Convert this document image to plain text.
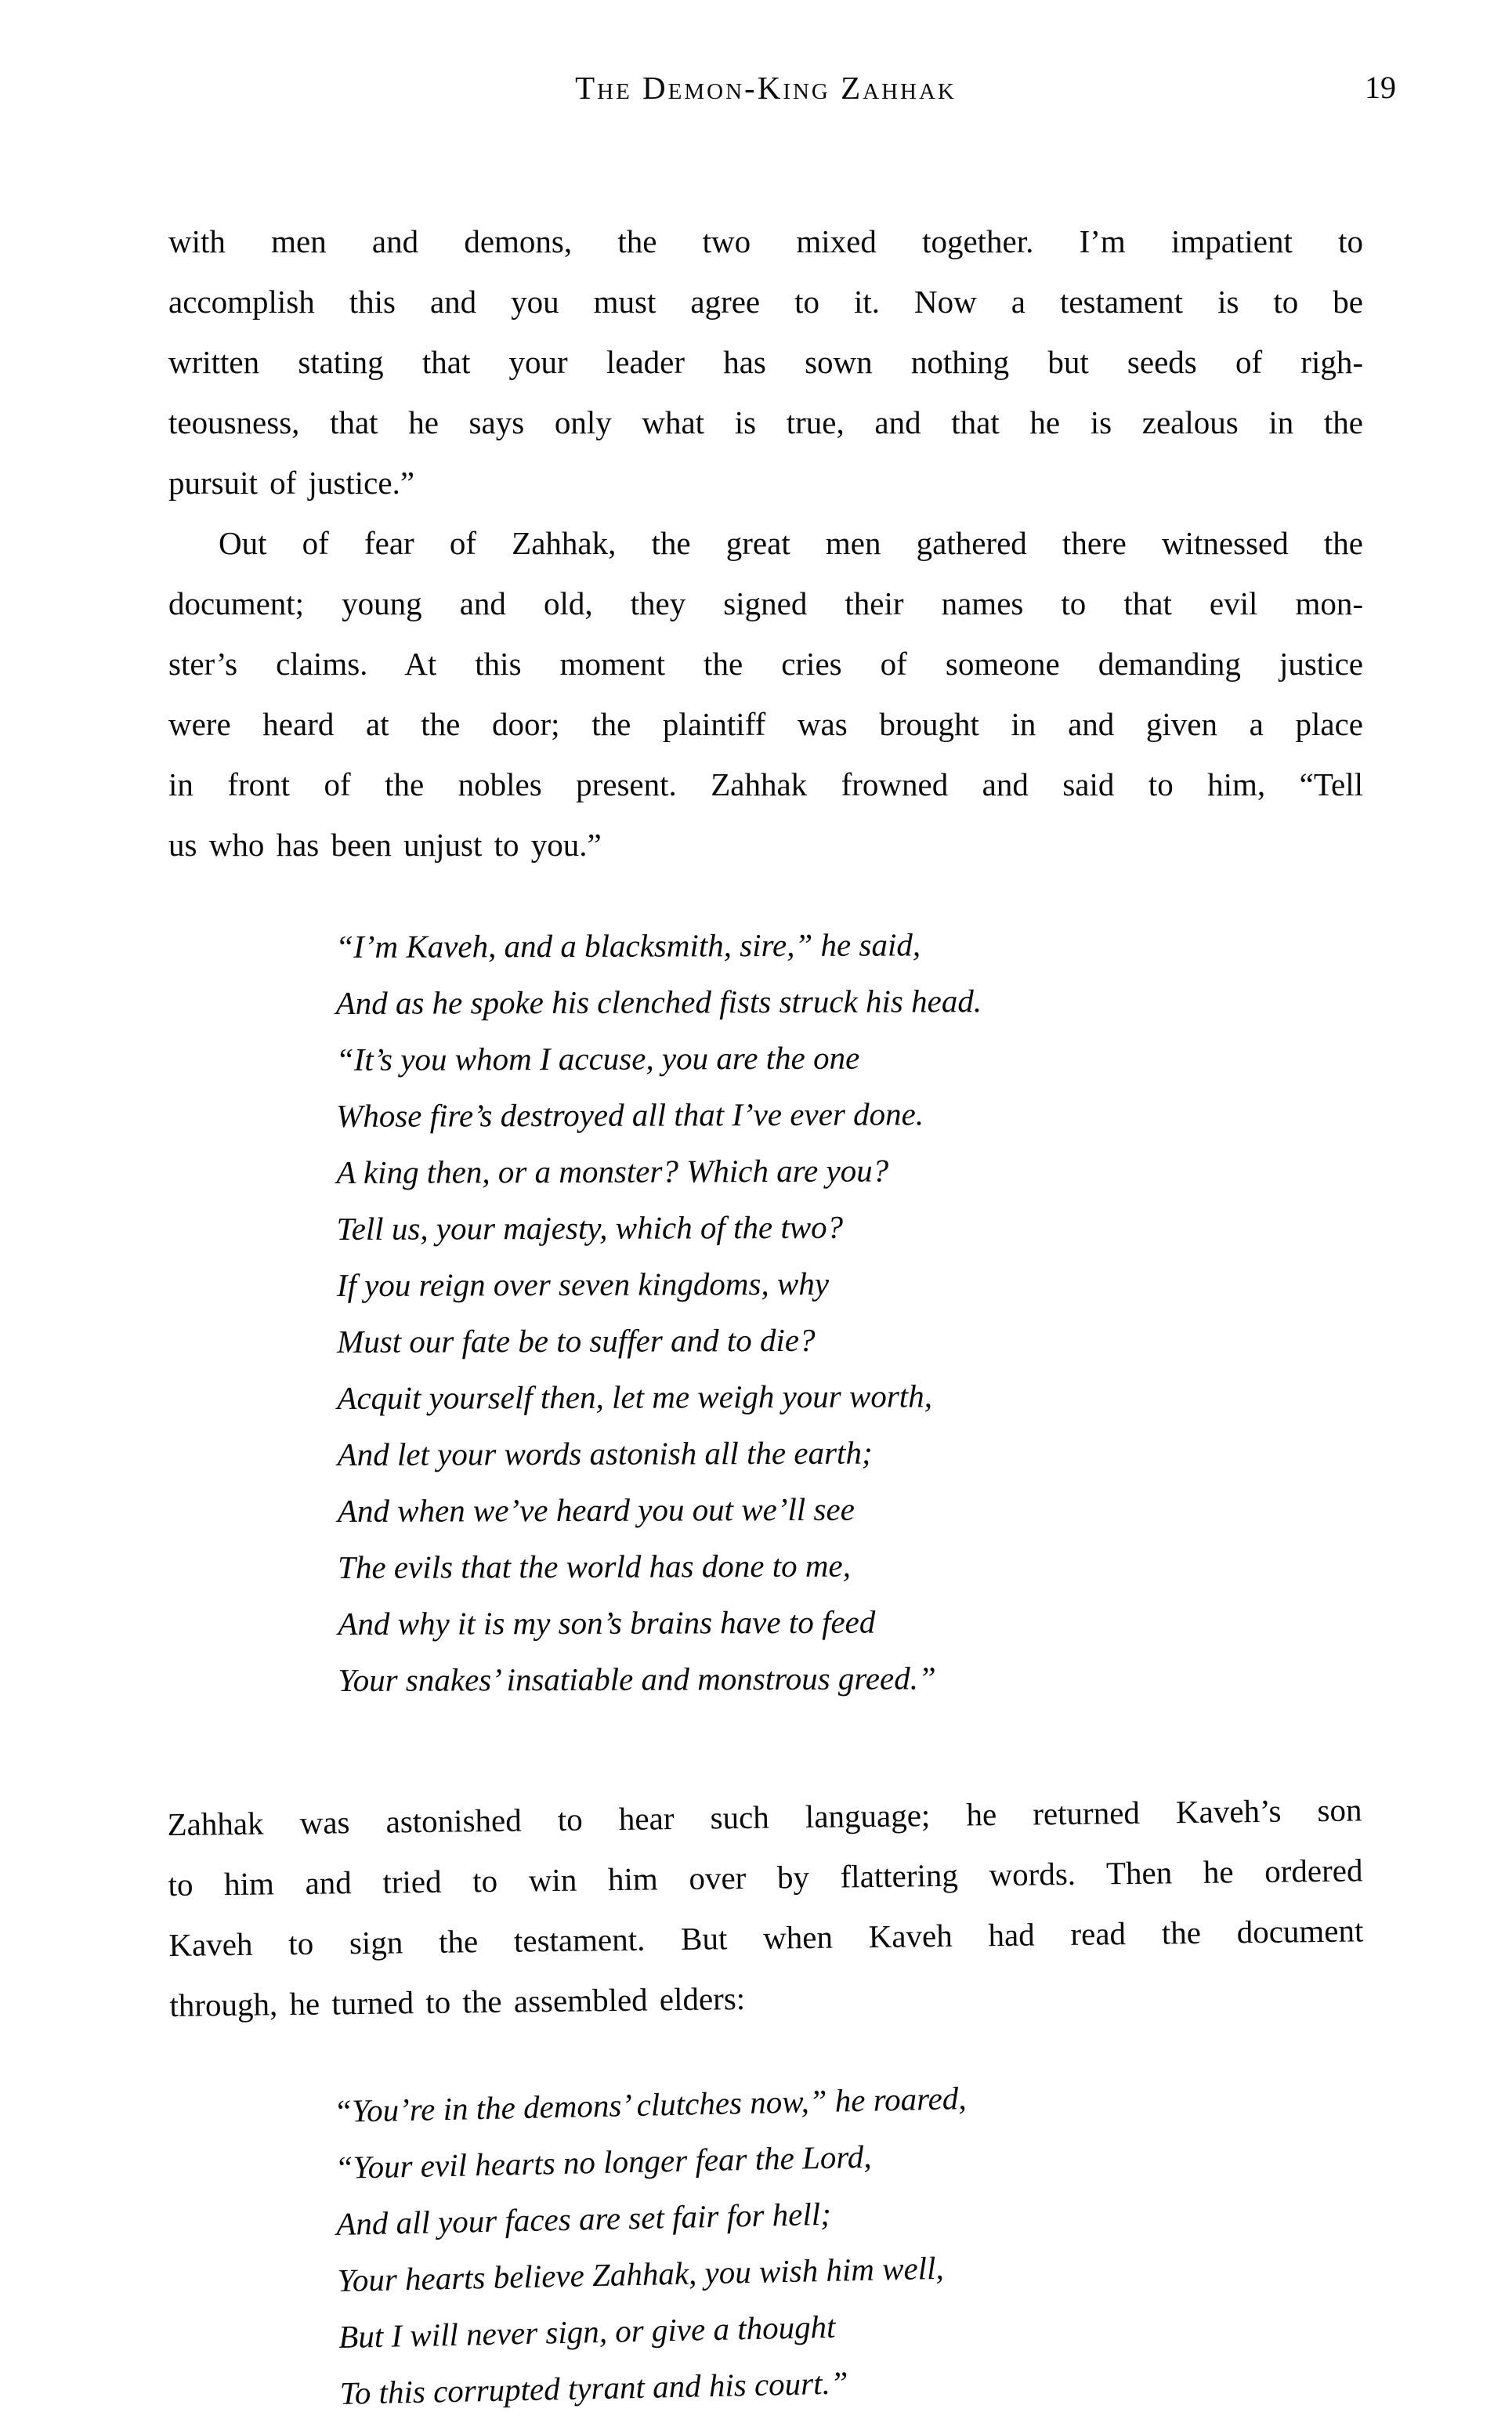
The Demon-King Zahhak	19
with men and demons, the two mixed together. I’m impatient to
accomplish this and you must agree to it. Now a testament is to be
written stating that your leader has sown nothing but seeds of righ-
teousness, that he says only what is true, and that he is zealous in the
pursuit of justice.”
Out of fear of Zahhak, the great men gathered there witnessed the
document; young and old, they signed their names to that evil mon-
ster’s claims. At this moment the cries of someone demanding justice
were heard at the door; the plaintiff was brought in and given a place
in front of the nobles present. Zahhak frowned and said to him, “Tell
us who has been unjust to you.”
“I’m Kaveh, and a blacksmith, sire,” he said,
And as he spoke his clenched fists struck his head.
“It’s you whom I accuse, you are the one
Whose fire’s destroyed all that I’ve ever done.
A king then, or a monster? Which are you?
Tell us, your majesty, which of the two?
If you reign over seven kingdoms, why
Must our fate be to suffer and to die?
Acquit yourself then, let me weigh your worth,
And let your words astonish all the earth;
And when we’ve heard you out we’ll see
The evils that the world has done to me,
And why it is my son’s brains have to feed
Your snakes’ insatiable and monstrous greed.”
Zahhak was astonished to hear such language; he returned Kaveh’s son
to him and tried to win him over by flattering words. Then he ordered
Kaveh to sign the testament. But when Kaveh had read the document
through, he turned to the assembled elders:
“You’re in the demons’ clutches now,” he roared,
“Your evil hearts no longer fear the Lord,
And all your faces are set fair for hell;
Your hearts believe Zahhak, you wish him well,
But I will never sign, or give a thought
To this corrupted tyrant and his court.”
